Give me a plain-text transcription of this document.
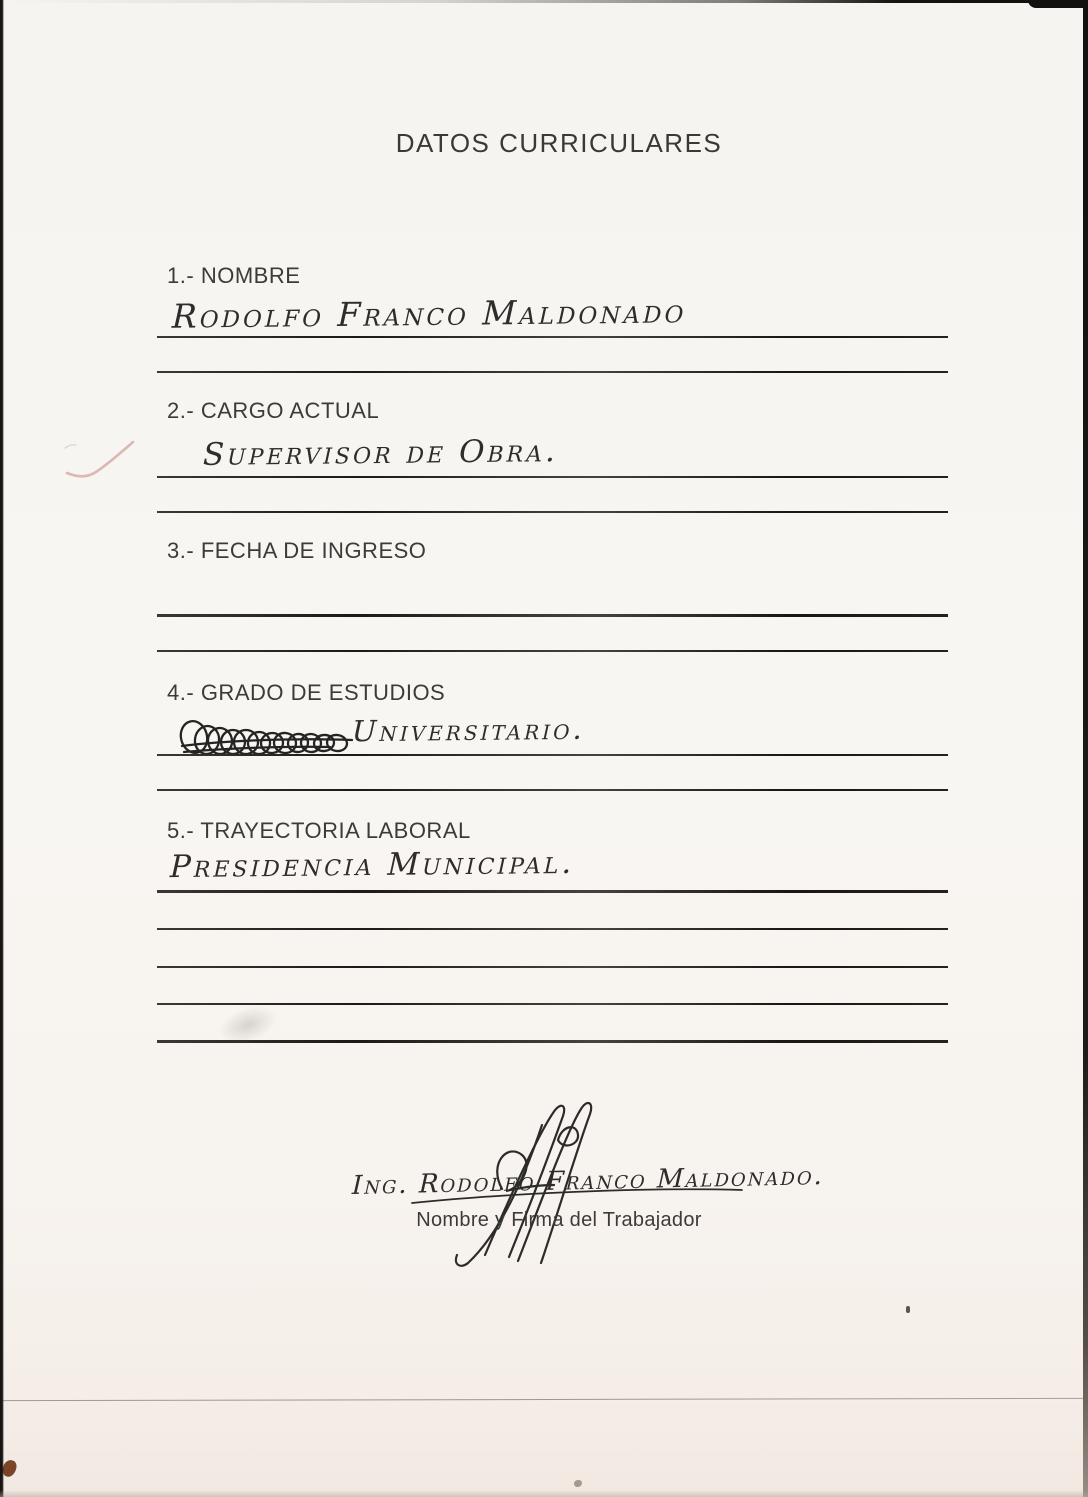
DATOS CURRICULARES
1.- NOMBRE
Rodolfo Franco Maldonado
2.- CARGO ACTUAL
Supervisor de Obra.
3.- FECHA DE INGRESO
4.- GRADO DE ESTUDIOS
Universitario.
5.- TRAYECTORIA LABORAL
Presidencia Municipal.
Ing. Rodolfo Franco Maldonado.
Nombre y Firma del Trabajador
